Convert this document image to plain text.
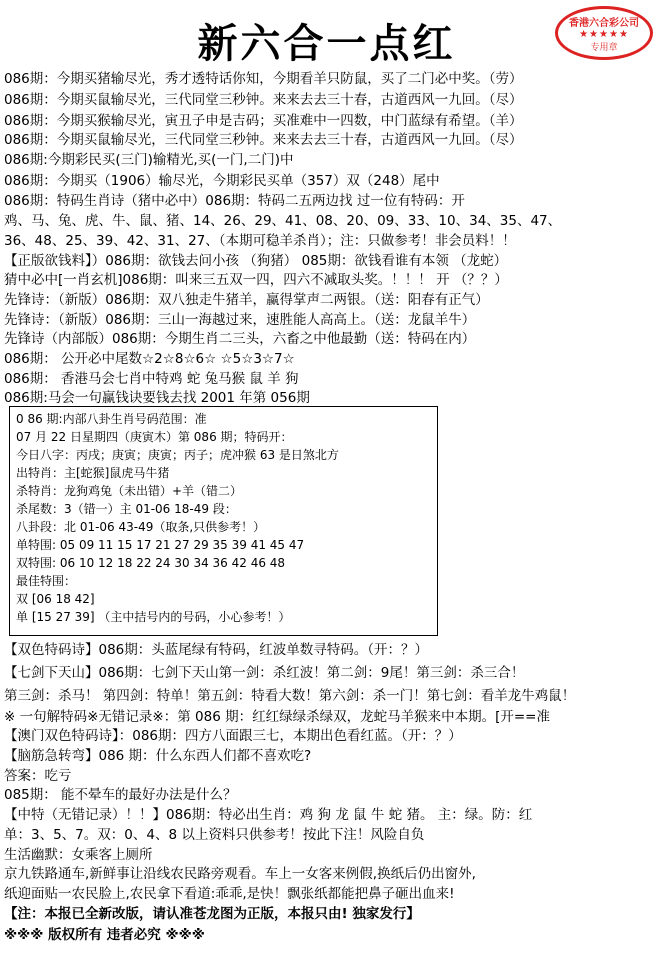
新六合一点红	香港六合彩公司
★★★★★
专用章
086期：今期买猪输尽光，秀才透特话你知，今期看羊只防鼠，买了二门必中奖。（劳）
086期：今期买鼠输尽光，三代同堂三秒钟。来来去去三十春，古道西风一九回。（尽）
086期：今期买猴输尽光，寅丑子申是吉码；买准难中一四数，中门蓝绿有希望。（羊）
086期：今期买鼠输尽光，三代同堂三秒钟。来来去去三十春，古道西风一九回。（尽）
086期:今期彩民买(三门)输精光,买(一门,二门)中
086期：今期买（1906）输尽光，今期彩民买单（357）双（248）尾中
086期：特码生肖诗（猪中必中）086期：特码二五两边找 过一位有特码：开
鸡、马、兔、虎、牛、鼠、猪、14、26、29、41、08、20、09、33、10、34、35、47、
36、48、25、39、42、31、27、（本期可稳羊杀肖）；注：只做参考！非会员料！！
【正版欲钱料】）086期：欲钱去问小孩 （狗猪） 085期：欲钱看谁有本领 （龙蛇）
猜中必中[一肖玄机]086期：叫来三五双一四，四六不减取头奖。！！！ 开 （？？）
先锋诗：（新版）086期：双八独走牛猪羊，赢得掌声二两银。（送：阳春有正气）
先锋诗：（新版）086期：三山一海越过来，速胜能人高高上。（送：龙鼠羊牛）
先锋诗（内部版）086期：今期生肖二三头，六畜之中他最勤（送：特码在内）
086期： 公开必中尾数☆2☆8☆6☆ ☆5☆3☆7☆
086期： 香港马会七肖中特鸡 蛇 兔马猴 鼠 羊 狗
086期:马会一句赢钱诀要钱去找 2001 年第 056期
0 86 期:内部八卦生肖号码范围：准
07 月 22 日星期四（庚寅木）第 086 期；特码开：
今日八字：丙戌；庚寅；庚寅；丙子；虎冲猴 63 是日煞北方
出特肖：主[蛇猴]鼠虎马牛猪
杀特肖：龙狗鸡兔（未出错）+羊（错二）
杀尾数：3（错一）主 01-06 18-49 段：
八卦段：北 01-06 43-49（取条,只供参考！）
单特围: 05 09 11 15 17 21 27 29 35 39 41 45 47
双特围: 06 10 12 18 22 24 30 34 36 42 46 48
最佳特围：
双 [06 18 42]
单 [15 27 39] （主中拮号内的号码，小心参考！）
【双色特码诗】086期：头蓝尾绿有特码，红波单数寻特码。（开：？）
【七剑下天山】086期：七剑下天山第一剑：杀红波！第二剑：9尾！第三剑：杀三合！
第三剑：杀马！ 第四剑：特单！第五剑：特看大数！第六剑：杀一门！第七剑：看羊龙牛鸡鼠！
※ 一句解特码※无错记录※：第 086 期：红红绿绿杀绿双，龙蛇马羊猴来中本期。[开==准
【澳门双色特码诗】：086期：四方八面跟三七，本期出色看红蓝。（开：？）
【脑筋急转弯】086 期：什么东西人们都不喜欢吃?
答案：吃亏
085期： 能不晕车的最好办法是什么？
【中特（无错记录）！！】086期：特必出生肖：鸡 狗 龙 鼠 牛 蛇 猪。 主：绿。防：红
单：3、5、7。双：0、4、8 以上资料只供参考！按此下注！风险自负
生活幽默：女乘客上厕所
京九铁路通车,新鲜事让沿线农民路旁观看。车上一女客来例假,换纸后仍出窗外,
纸迎面贴一农民脸上,农民拿下看道:乖乖,是快！飘张纸都能把鼻子砸出血来!
【注：本报已全新改版，请认准苍龙图为正版，本报只由! 独家发行】
※※※ 版权所有 违者必究 ※※※
